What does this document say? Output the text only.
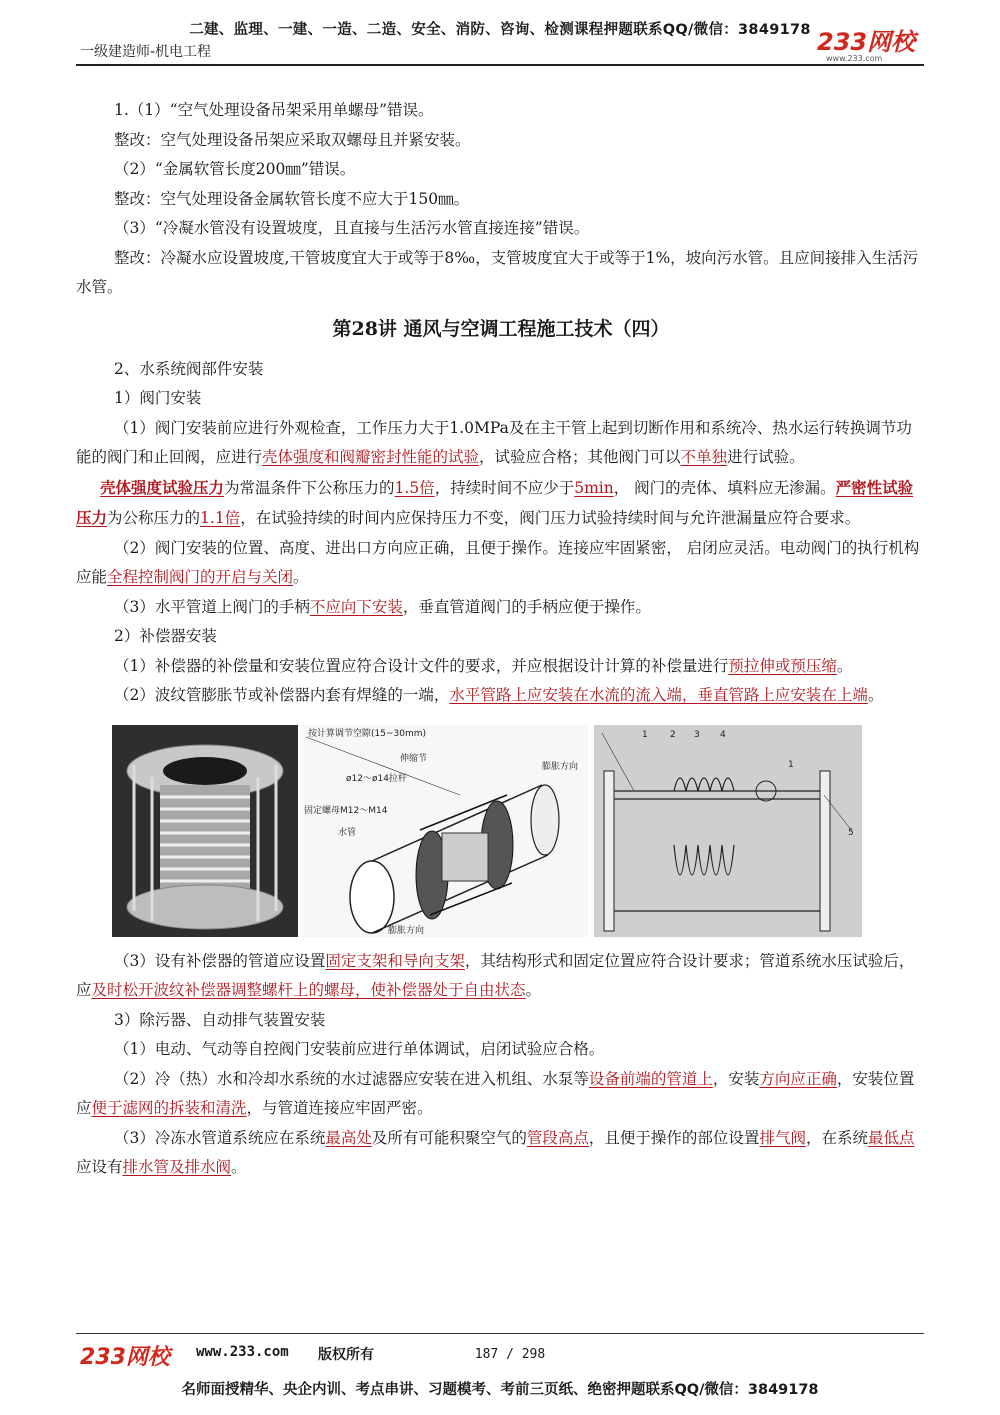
二建、监理、一建、一造、二造、安全、消防、咨询、检测课程押题联系QQ/微信：3849178
一级建造师-机电工程	233网校
www.233.com

1.（1）“空气处理设备吊架采用单螺母”错误。

整改：空气处理设备吊架应采取双螺母且并紧安装。

（2）“金属软管长度200㎜”错误。

整改：空气处理设备金属软管长度不应大于150㎜。

（3）“冷凝水管没有设置坡度，且直接与生活污水管直接连接”错误。

整改：冷凝水应设置坡度,干管坡度宜大于或等于8‰，支管坡度宜大于或等于1%，坡向污水管。且应间接排入生活污水管。

第28讲 通风与空调工程施工技术（四）

2、水系统阀部件安装

1）阀门安装

（1）阀门安装前应进行外观检查，工作压力大于1.0MPa及在主干管上起到切断作用和系统冷、热水运行转换调节功能的阀门和止回阀，应进行壳体强度和阀瓣密封性能的试验，试验应合格；其他阀门可以不单独进行试验。

壳体强度试验压力为常温条件下公称压力的1.5倍，持续时间不应少于5min， 阀门的壳体、填料应无渗漏。严密性试验压力为公称压力的1.1倍，在试验持续的时间内应保持压力不变，阀门压力试验持续时间与允许泄漏量应符合要求。

（2）阀门安装的位置、高度、进出口方向应正确，且便于操作。连接应牢固紧密， 启闭应灵活。电动阀门的执行机构应能全程控制阀门的开启与关闭。

（3）水平管道上阀门的手柄不应向下安装，垂直管道阀门的手柄应便于操作。

2）补偿器安装

（1）补偿器的补偿量和安装位置应符合设计文件的要求，并应根据设计计算的补偿量进行预拉伸或预压缩。

（2）波纹管膨胀节或补偿器内套有焊缝的一端，水平管路上应安装在水流的流入端，垂直管路上应安装在上端。

按计算调节空隙(15~30mm)
伸缩节
ø12～ø14拉杆
固定螺母M12～M14
水管
膨胀方向
膨胀方向
1 2 3 4
5
1

（3）设有补偿器的管道应设置固定支架和导向支架，其结构形式和固定位置应符合设计要求；管道系统水压试验后，应及时松开波纹补偿器调整螺杆上的螺母，使补偿器处于自由状态。

3）除污器、自动排气装置安装

（1）电动、气动等自控阀门安装前应进行单体调试，启闭试验应合格。

（2）冷（热）水和冷却水系统的水过滤器应安装在进入机组、水泵等设备前端的管道上，安装方向应正确，安装位置应便于滤网的拆装和清洗，与管道连接应牢固严密。

（3）冷冻水管道系统应在系统最高处及所有可能积聚空气的管段高点，且便于操作的部位设置排气阀，在系统最低点应设有排水管及排水阀。

233网校 www.233.com 版权所有	187 / 298
名师面授精华、央企内训、考点串讲、习题模考、考前三页纸、绝密押题联系QQ/微信：3849178
